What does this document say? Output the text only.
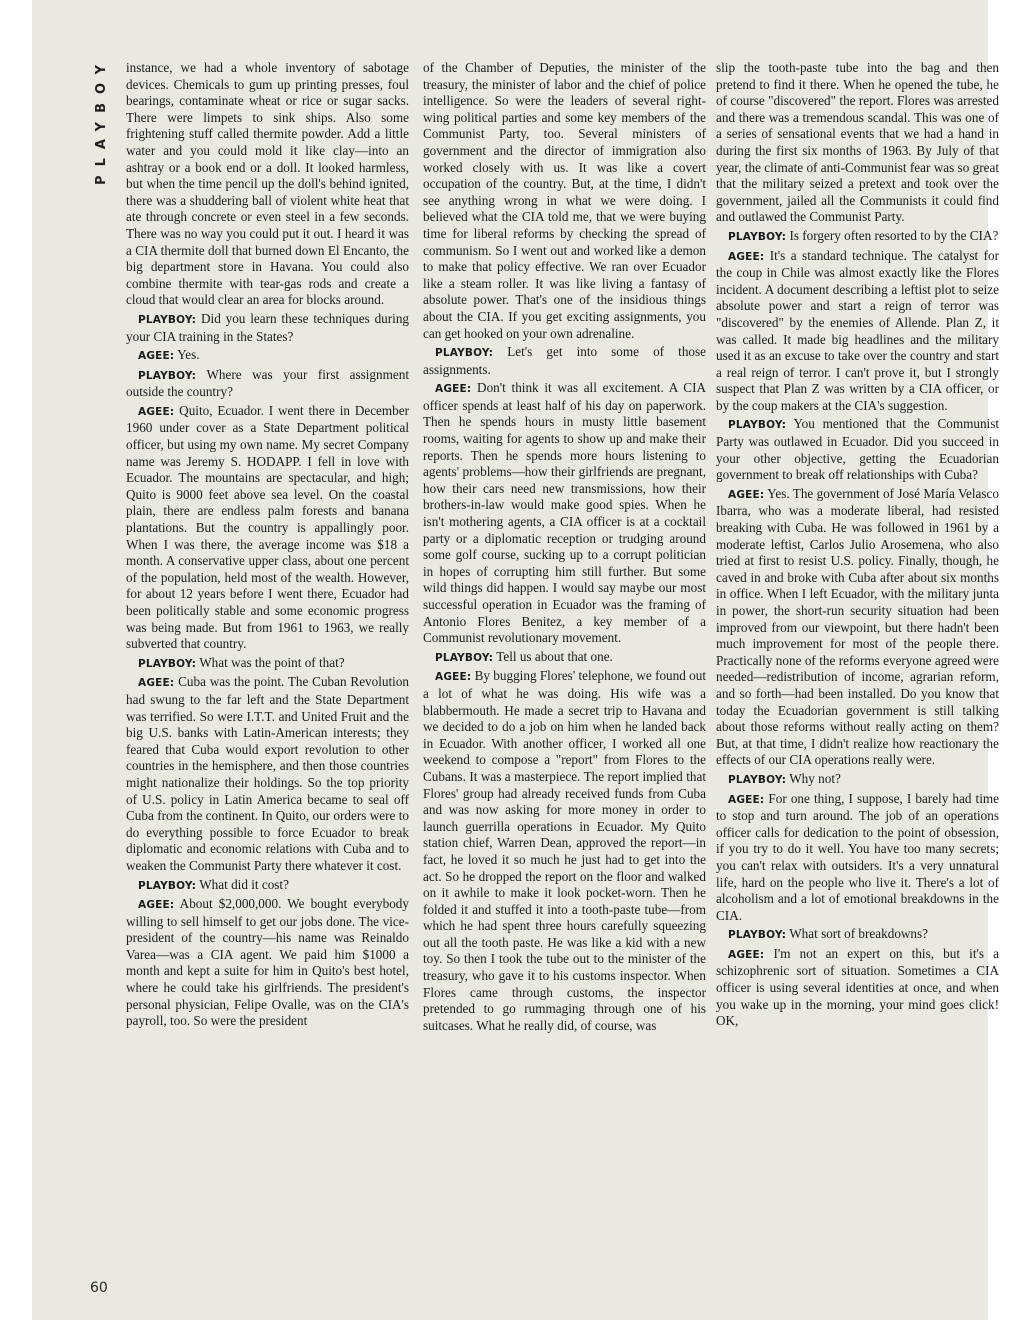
PLAYBOY
60

instance, we had a whole inventory of sabotage devices. Chemicals to gum up printing presses, foul bearings, contaminate wheat or rice or sugar sacks. There were limpets to sink ships. Also some frightening stuff called thermite powder. Add a little water and you could mold it like clay—into an ashtray or a book end or a doll. It looked harmless, but when the time pencil up the doll's behind ignited, there was a shuddering ball of violent white heat that ate through concrete or even steel in a few seconds. There was no way you could put it out. I heard it was a CIA thermite doll that burned down El Encanto, the big department store in Havana. You could also combine thermite with tear-gas rods and create a cloud that would clear an area for blocks around.

PLAYBOY: Did you learn these techniques during your CIA training in the States?

AGEE: Yes.

PLAYBOY: Where was your first assignment outside the country?

AGEE: Quito, Ecuador. I went there in December 1960 under cover as a State Department political officer, but using my own name. My secret Company name was Jeremy S. HODAPP. I fell in love with Ecuador. The mountains are spectacular, and high; Quito is 9000 feet above sea level. On the coastal plain, there are endless palm forests and banana plantations. But the country is appallingly poor. When I was there, the average income was $18 a month. A conservative upper class, about one percent of the population, held most of the wealth. However, for about 12 years before I went there, Ecuador had been politically stable and some economic progress was being made. But from 1961 to 1963, we really subverted that country.

PLAYBOY: What was the point of that?

AGEE: Cuba was the point. The Cuban Revolution had swung to the far left and the State Department was terrified. So were I.T.T. and United Fruit and the big U.S. banks with Latin-American interests; they feared that Cuba would export revolution to other countries in the hemisphere, and then those countries might nationalize their holdings. So the top priority of U.S. policy in Latin America became to seal off Cuba from the continent. In Quito, our orders were to do everything possible to force Ecuador to break diplomatic and economic relations with Cuba and to weaken the Communist Party there whatever it cost.

PLAYBOY: What did it cost?

AGEE: About $2,000,000. We bought everybody willing to sell himself to get our jobs done. The vice-president of the country—his name was Reinaldo Varea—was a CIA agent. We paid him $1000 a month and kept a suite for him in Quito's best hotel, where he could take his girlfriends. The president's personal physician, Felipe Ovalle, was on the CIA's payroll, too. So were the president

of the Chamber of Deputies, the minister of the treasury, the minister of labor and the chief of police intelligence. So were the leaders of several right-wing political parties and some key members of the Communist Party, too. Several ministers of government and the director of immigration also worked closely with us. It was like a covert occupation of the country. But, at the time, I didn't see anything wrong in what we were doing. I believed what the CIA told me, that we were buying time for liberal reforms by checking the spread of communism. So I went out and worked like a demon to make that policy effective. We ran over Ecuador like a steam roller. It was like living a fantasy of absolute power. That's one of the insidious things about the CIA. If you get exciting assignments, you can get hooked on your own adrenaline.

PLAYBOY: Let's get into some of those assignments.

AGEE: Don't think it was all excitement. A CIA officer spends at least half of his day on paperwork. Then he spends hours in musty little basement rooms, waiting for agents to show up and make their reports. Then he spends more hours listening to agents' problems—how their girlfriends are pregnant, how their cars need new transmissions, how their brothers-in-law would make good spies. When he isn't mothering agents, a CIA officer is at a cocktail party or a diplomatic reception or trudging around some golf course, sucking up to a corrupt politician in hopes of corrupting him still further. But some wild things did happen. I would say maybe our most successful operation in Ecuador was the framing of Antonio Flores Benitez, a key member of a Communist revolutionary movement.

PLAYBOY: Tell us about that one.

AGEE: By bugging Flores' telephone, we found out a lot of what he was doing. His wife was a blabbermouth. He made a secret trip to Havana and we decided to do a job on him when he landed back in Ecuador. With another officer, I worked all one weekend to compose a "report" from Flores to the Cubans. It was a masterpiece. The report implied that Flores' group had already received funds from Cuba and was now asking for more money in order to launch guerrilla operations in Ecuador. My Quito station chief, Warren Dean, approved the report—in fact, he loved it so much he just had to get into the act. So he dropped the report on the floor and walked on it awhile to make it look pocket-worn. Then he folded it and stuffed it into a tooth-paste tube—from which he had spent three hours carefully squeezing out all the tooth paste. He was like a kid with a new toy. So then I took the tube out to the minister of the treasury, who gave it to his customs inspector. When Flores came through customs, the inspector pretended to go rummaging through one of his suitcases. What he really did, of course, was

slip the tooth-paste tube into the bag and then pretend to find it there. When he opened the tube, he of course "discovered" the report. Flores was arrested and there was a tremendous scandal. This was one of a series of sensational events that we had a hand in during the first six months of 1963. By July of that year, the climate of anti-Communist fear was so great that the military seized a pretext and took over the government, jailed all the Communists it could find and outlawed the Communist Party.

PLAYBOY: Is forgery often resorted to by the CIA?

AGEE: It's a standard technique. The catalyst for the coup in Chile was almost exactly like the Flores incident. A document describing a leftist plot to seize absolute power and start a reign of terror was "discovered" by the enemies of Allende. Plan Z, it was called. It made big headlines and the military used it as an excuse to take over the country and start a real reign of terror. I can't prove it, but I strongly suspect that Plan Z was written by a CIA officer, or by the coup makers at the CIA's suggestion.

PLAYBOY: You mentioned that the Communist Party was outlawed in Ecuador. Did you succeed in your other objective, getting the Ecuadorian government to break off relationships with Cuba?

AGEE: Yes. The government of José María Velasco Ibarra, who was a moderate liberal, had resisted breaking with Cuba. He was followed in 1961 by a moderate leftist, Carlos Julio Arosemena, who also tried at first to resist U.S. policy. Finally, though, he caved in and broke with Cuba after about six months in office. When I left Ecuador, with the military junta in power, the short-run security situation had been improved from our viewpoint, but there hadn't been much improvement for most of the people there. Practically none of the reforms everyone agreed were needed—redistribution of income, agrarian reform, and so forth—had been installed. Do you know that today the Ecuadorian government is still talking about those reforms without really acting on them? But, at that time, I didn't realize how reactionary the effects of our CIA operations really were.

PLAYBOY: Why not?

AGEE: For one thing, I suppose, I barely had time to stop and turn around. The job of an operations officer calls for dedication to the point of obsession, if you try to do it well. You have too many secrets; you can't relax with outsiders. It's a very unnatural life, hard on the people who live it. There's a lot of alcoholism and a lot of emotional breakdowns in the CIA.

PLAYBOY: What sort of breakdowns?

AGEE: I'm not an expert on this, but it's a schizophrenic sort of situation. Sometimes a CIA officer is using several identities at once, and when you wake up in the morning, your mind goes click! OK,
